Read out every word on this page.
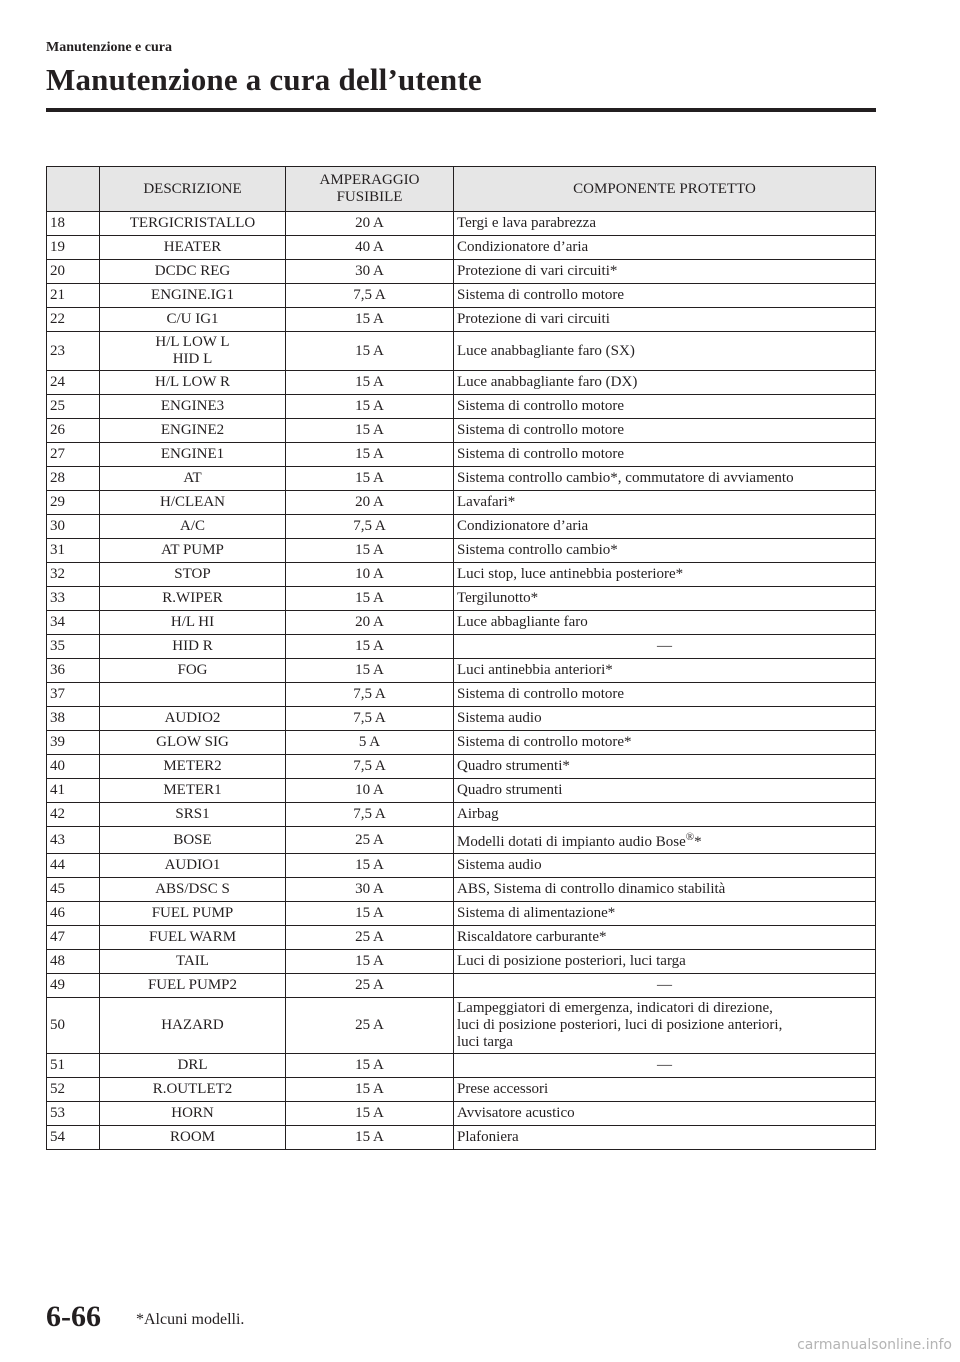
Manutenzione e cura
Manutenzione a cura dell’utente
	DESCRIZIONE	AMPERAGGIO FUSIBILE	COMPONENTE PROTETTO
18	TERGICRISTALLO	20 A	Tergi e lava parabrezza
19	HEATER	40 A	Condizionatore d’aria
20	DCDC REG	30 A	Protezione di vari circuiti*
21	ENGINE.IG1	7,5 A	Sistema di controllo motore
22	C/U IG1	15 A	Protezione di vari circuiti
23	H/L LOW L
HID L	15 A	Luce anabbagliante faro (SX)
24	H/L LOW R	15 A	Luce anabbagliante faro (DX)
25	ENGINE3	15 A	Sistema di controllo motore
26	ENGINE2	15 A	Sistema di controllo motore
27	ENGINE1	15 A	Sistema di controllo motore
28	AT	15 A	Sistema controllo cambio*, commutatore di avviamento
29	H/CLEAN	20 A	Lavafari*
30	A/C	7,5 A	Condizionatore d’aria
31	AT PUMP	15 A	Sistema controllo cambio*
32	STOP	10 A	Luci stop, luce antinebbia posteriore*
33	R.WIPER	15 A	Tergilunotto*
34	H/L HI	20 A	Luce abbagliante faro
35	HID R	15 A	—
36	FOG	15 A	Luci antinebbia anteriori*
37		7,5 A	Sistema di controllo motore
38	AUDIO2	7,5 A	Sistema audio
39	GLOW SIG	5 A	Sistema di controllo motore*
40	METER2	7,5 A	Quadro strumenti*
41	METER1	10 A	Quadro strumenti
42	SRS1	7,5 A	Airbag
43	BOSE	25 A	Modelli dotati di impianto audio Bose®*
44	AUDIO1	15 A	Sistema audio
45	ABS/DSC S	30 A	ABS, Sistema di controllo dinamico stabilità
46	FUEL PUMP	15 A	Sistema di alimentazione*
47	FUEL WARM	25 A	Riscaldatore carburante*
48	TAIL	15 A	Luci di posizione posteriori, luci targa
49	FUEL PUMP2	25 A	—
50	HAZARD	25 A	Lampeggiatori di emergenza, indicatori di direzione,
luci di posizione posteriori, luci di posizione anteriori,
luci targa
51	DRL	15 A	—
52	R.OUTLET2	15 A	Prese accessori
53	HORN	15 A	Avvisatore acustico
54	ROOM	15 A	Plafoniera
6-66 *Alcuni modelli.
carmanualsonline.info
